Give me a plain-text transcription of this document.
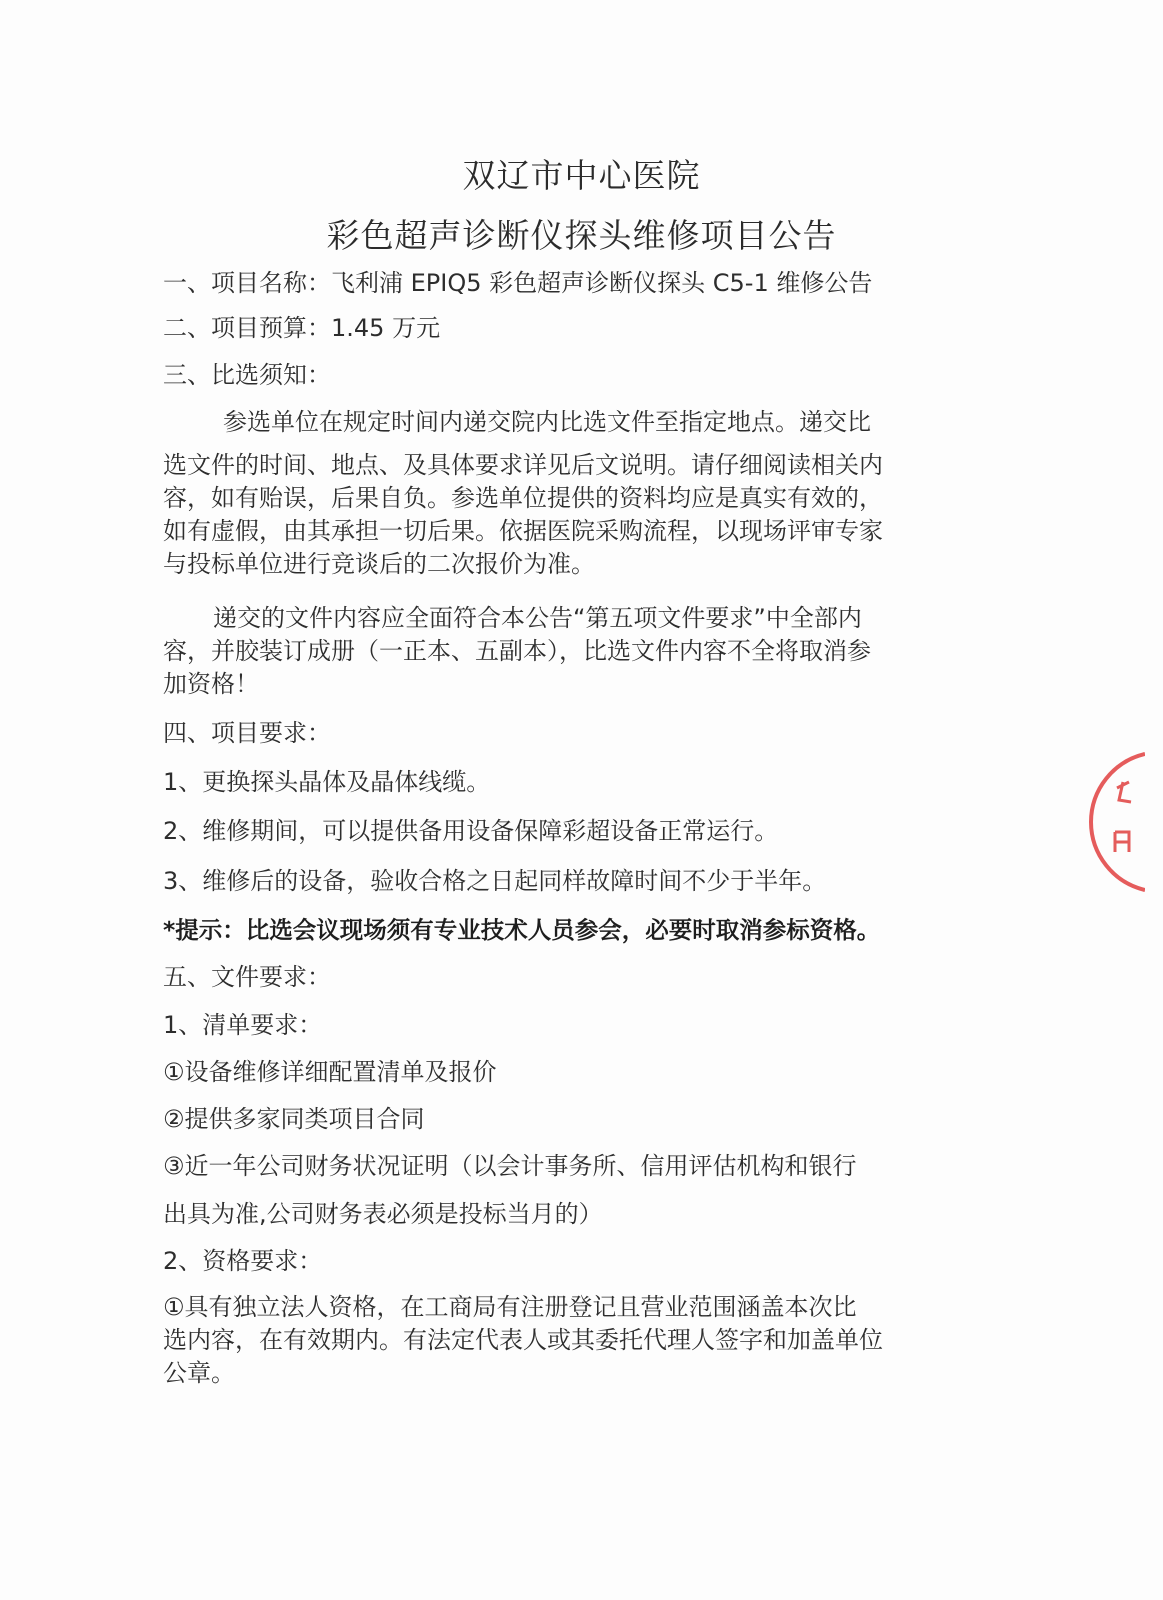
双辽市中心医院
彩色超声诊断仪探头维修项目公告
一、项目名称：飞利浦 EPIQ5 彩色超声诊断仪探头 C5-1 维修公告
二、项目预算：1.45 万元
三、比选须知：
参选单位在规定时间内递交院内比选文件至指定地点。递交比
选文件的时间、地点、及具体要求详见后文说明。请仔细阅读相关内
容，如有贻误，后果自负。参选单位提供的资料均应是真实有效的，
如有虚假，由其承担一切后果。依据医院采购流程，以现场评审专家
与投标单位进行竞谈后的二次报价为准。
递交的文件内容应全面符合本公告“第五项文件要求”中全部内
容，并胶装订成册（一正本、五副本），比选文件内容不全将取消参
加资格！
四、项目要求：
1、更换探头晶体及晶体线缆。
2、维修期间，可以提供备用设备保障彩超设备正常运行。
3、维修后的设备，验收合格之日起同样故障时间不少于半年。
*提示：比选会议现场须有专业技术人员参会，必要时取消参标资格。
五、文件要求：
1、清单要求：
①设备维修详细配置清单及报价
②提供多家同类项目合同
③近一年公司财务状况证明（以会计事务所、信用评估机构和银行
出具为准,公司财务表必须是投标当月的）
2、资格要求：
①具有独立法人资格，在工商局有注册登记且营业范围涵盖本次比
选内容，在有效期内。有法定代表人或其委托代理人签字和加盖单位
公章。
